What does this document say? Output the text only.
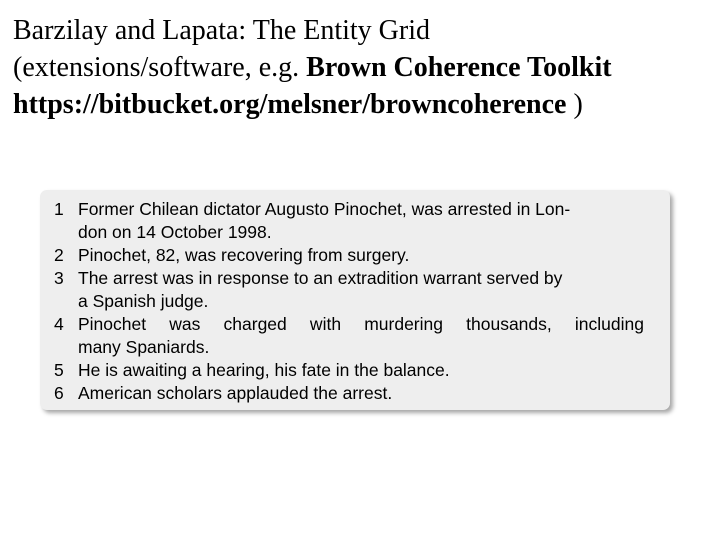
Barzilay and Lapata: The Entity Grid
(extensions/software, e.g. Brown Coherence Toolkit
https://bitbucket.org/melsner/browncoherence )
1 Former Chilean dictator Augusto Pinochet, was arrested in Lon-
don on 14 October 1998.
2 Pinochet, 82, was recovering from surgery.
3 The arrest was in response to an extradition warrant served by
a Spanish judge.
4 Pinochet was charged with murdering thousands, including
many Spaniards.
5 He is awaiting a hearing, his fate in the balance.
6 American scholars applauded the arrest.
